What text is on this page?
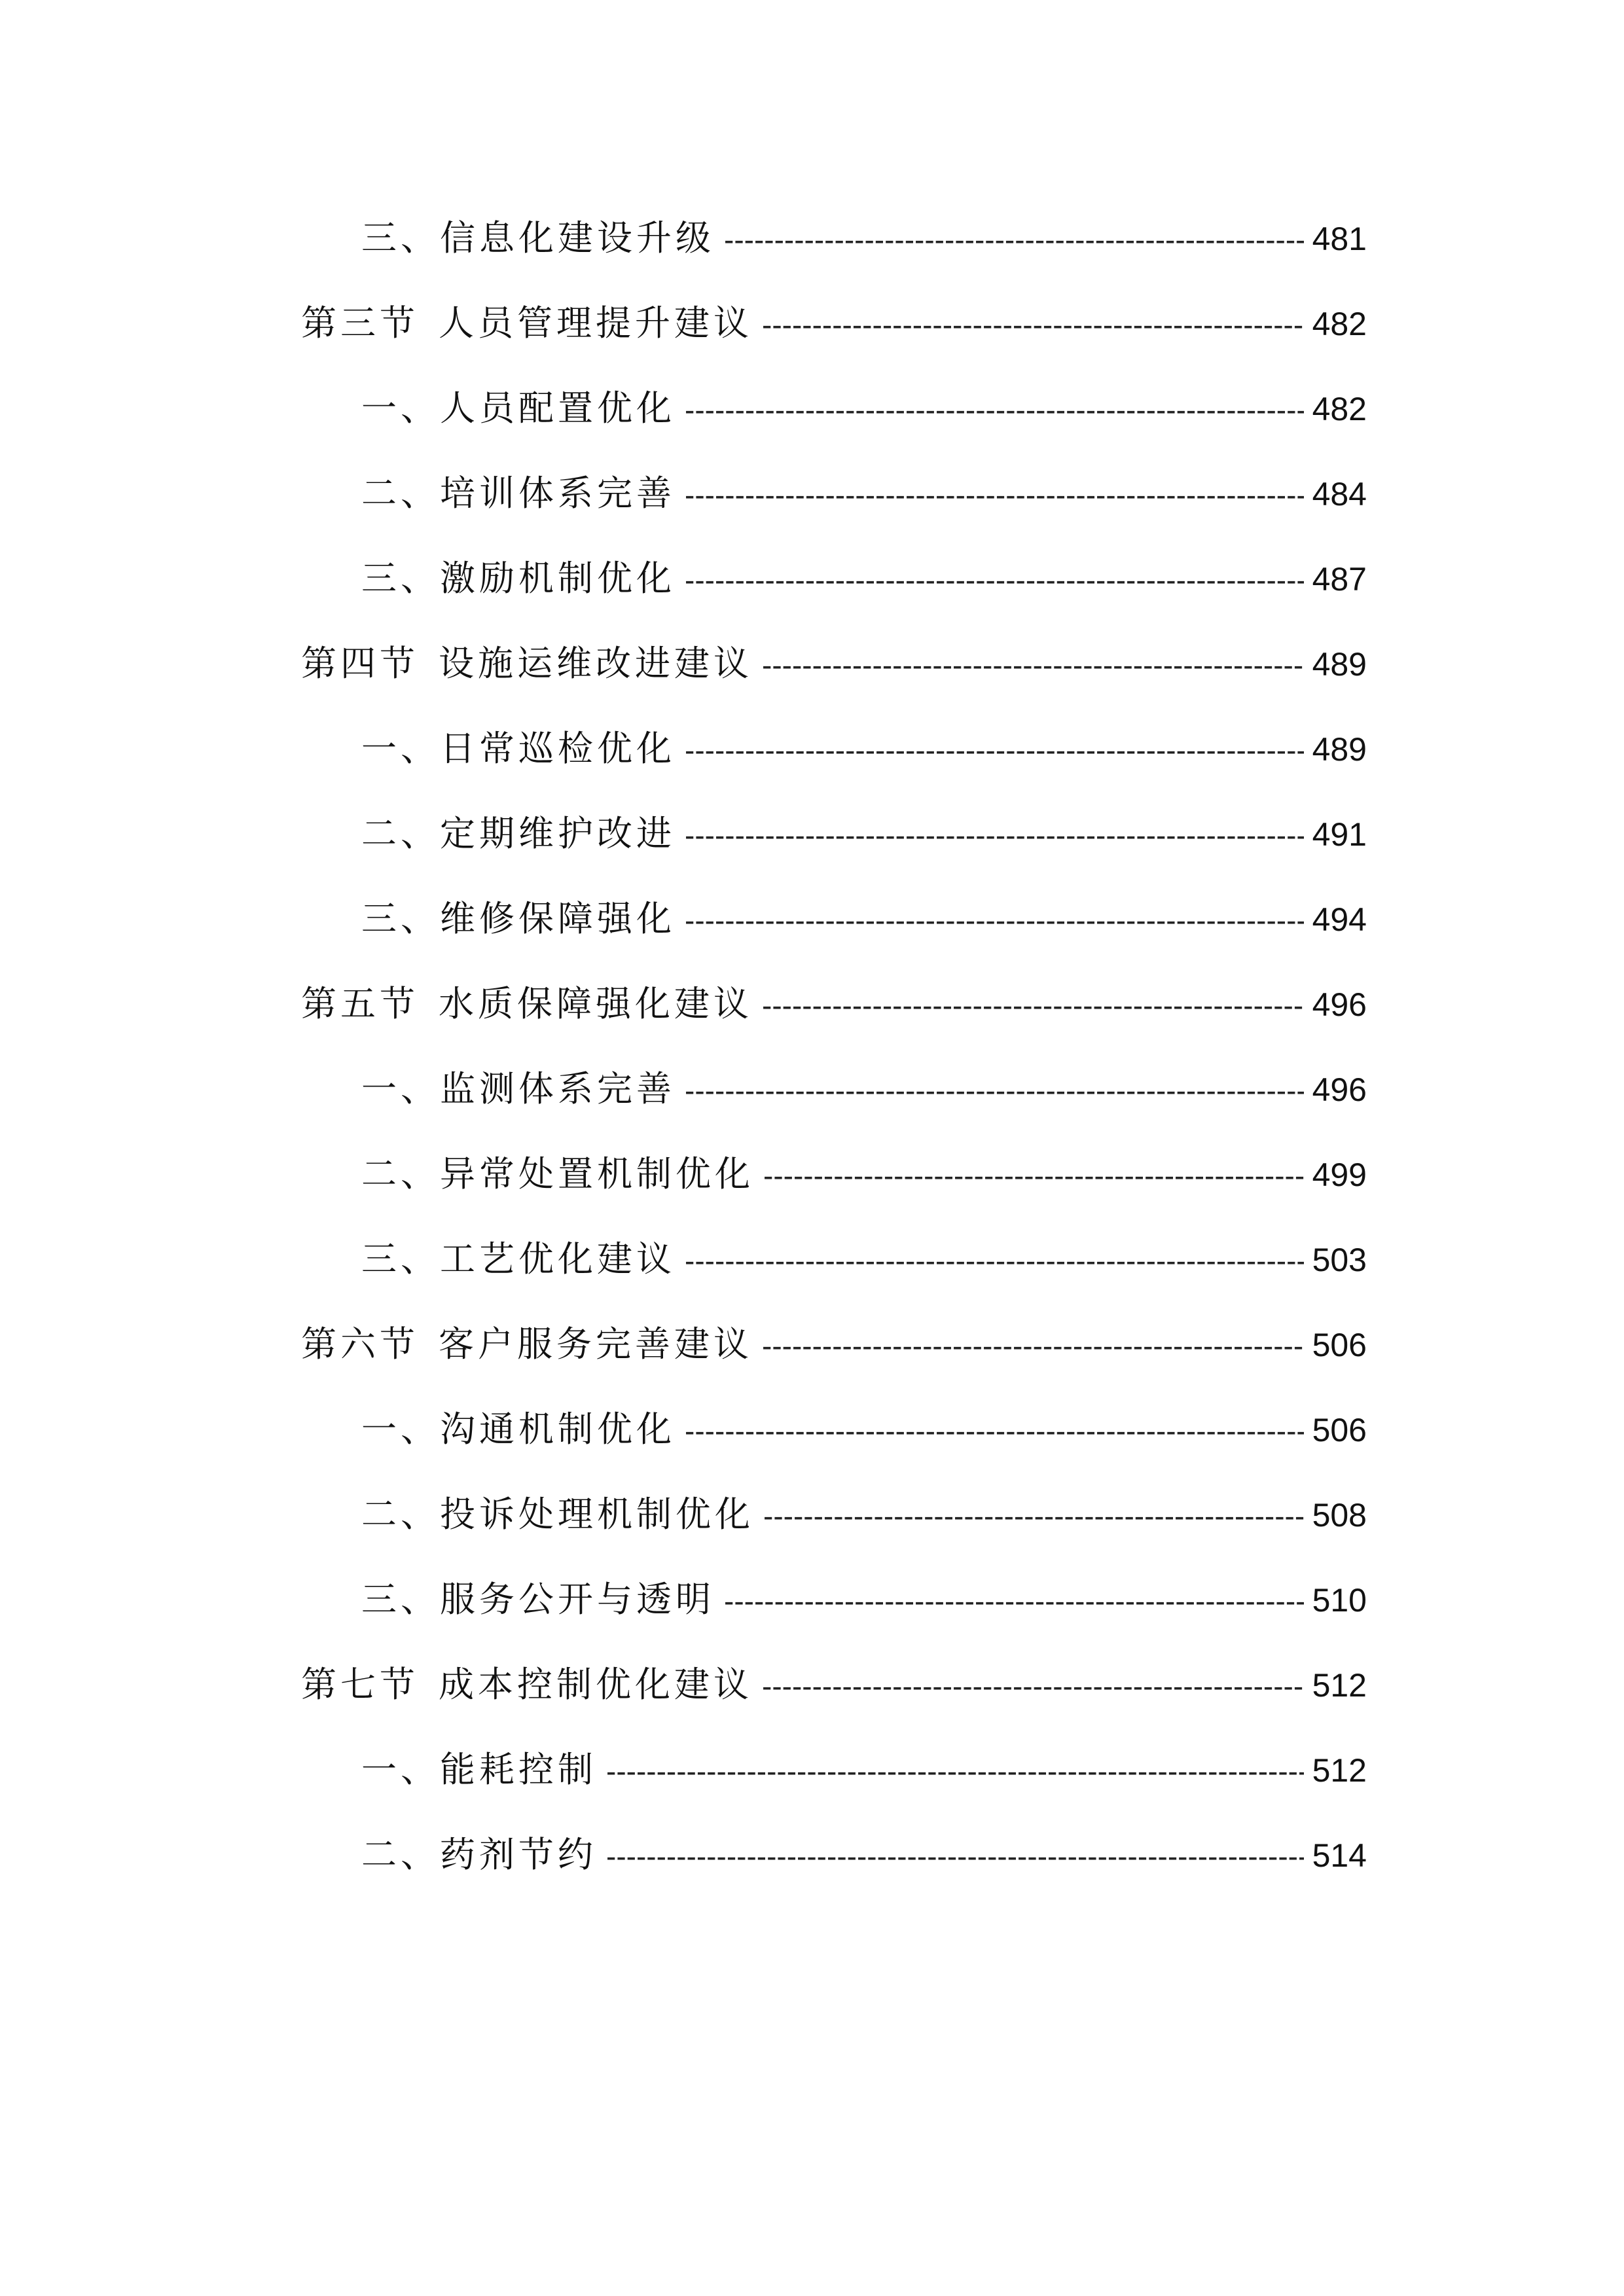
三、信息化建设升级 -----	481
第三节 人员管理提升建议 -----	482
一、人员配置优化 -----	482
二、培训体系完善 -----	484
三、激励机制优化 -----	487
第四节 设施运维改进建议 -----	489
一、日常巡检优化 -----	489
二、定期维护改进 -----	491
三、维修保障强化 -----	494
第五节 水质保障强化建议 -----	496
一、监测体系完善 -----	496
二、异常处置机制优化 -----	499
三、工艺优化建议 -----	503
第六节 客户服务完善建议 -----	506
一、沟通机制优化 -----	506
二、投诉处理机制优化 -----	508
三、服务公开与透明 -----	510
第七节 成本控制优化建议 -----	512
一、能耗控制 -----	512
二、药剂节约 -----	514
